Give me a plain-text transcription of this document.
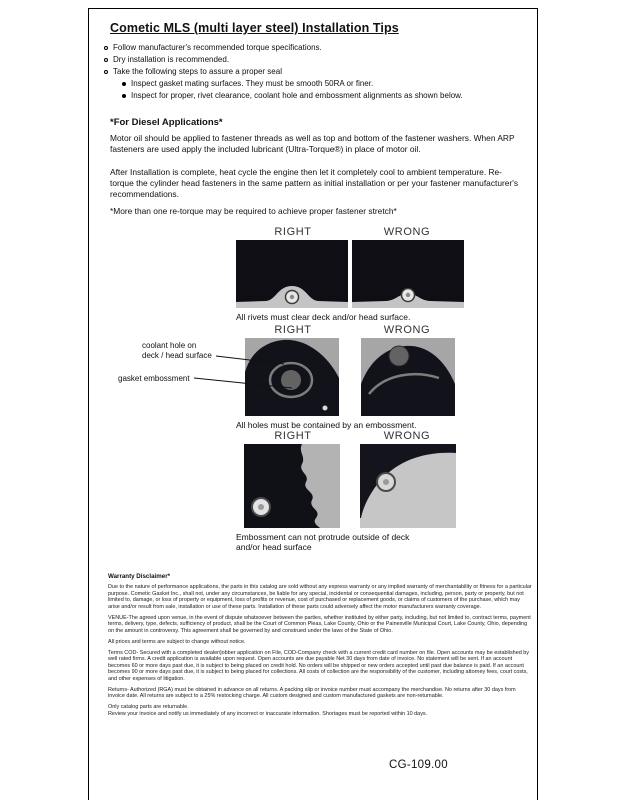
Cometic MLS (multi layer steel) Installation Tips
Follow manufacturer's recommended torque specifications.
Dry installation is recommended.
Take the following steps to assure a proper seal
Inspect gasket mating surfaces. They must be smooth 50RA or finer.
Inspect for proper, rivet clearance, coolant hole and embossment alignments as shown below.
*For Diesel Applications*
Motor oil should be applied to fastener threads as well as top and bottom of the fastener washers. When ARP fasteners are used apply the included lubricant (Ultra-Torque®) in place of motor oil.
After Installation is complete, heat cycle the engine then let it completely cool to ambient temperature. Re-torque the cylinder head fasteners in the same pattern as initial installation or per your fastener manufacturer's recommendations.
*More than one re-torque may be required to achieve proper fastener stretch*
RIGHT	WRONG
All rivets must clear deck and/or head surface.
RIGHT	WRONG
All holes must be contained by an embossment.
coolant hole on
deck / head surface
gasket embossment
RIGHT	WRONG
Embossment can not protrude outside of deck and/or head surface
Warranty Disclaimer*

Due to the nature of performance applications, the parts in this catalog are sold without any express warranty or any implied warranty of merchantability or fitness for a particular purpose. Cometic Gasket Inc., shall not, under any circumstances, be liable for any special, incidental or consequential damages, including, person, party or property, but not limited to, damage, or loss of property or equipment, loss of profits or revenue, cost of purchased or replacement goods, or claims of customers of the purchase, which may arise and/or result from sale, installation or use of these parts. Installation of these parts could adversely affect the motor manufacturers warranty coverage.

VENUE-The agreed upon venue, in the event of dispute whatsoever between the parties, whether instituted by either party, including, but not limited to, contract terms, payment terms, delivery, type, defects, sufficiency of product, shall be the Court of Common Pleas, Lake County, Ohio or the Painesville Municipal Court, Lake County, Ohio, depending on the amount in controversy. This agreement shall be governed by and construed under the laws of the State of Ohio.

All prices and terms are subject to change without notice.

Terms COD- Secured with a completed dealer/jobber application on File, COD-Company check with a current credit card number on file. Open accounts may be established by well rated firms. A credit application is available upon request. Open accounts are due payable Net 30 days from date of invoice. No statement will be sent. If an account becomes 60 or more days past due, it is subject to being placed on credit hold. No orders will be shipped or new orders accepted until past due balance is paid. If an account becomes 90 or more days past due, it is subject to being placed for collections. All costs of collection are the responsibility of the customer, including attorney fees, court costs, and other expenses of litigation.

Returns- Authorized (RGA) must be obtained in advance on all returns. A packing slip or invoice number must accompany the merchandise. No returns after 30 days from invoice date. All returns are subject to a 25% restocking charge. All custom designed and custom manufactured gaskets are non-returnable.

Only catalog parts are returnable.

Review your invoice and notify us immediately of any incorrect or inaccurate information. Shortages must be reported within 10 days.

CG-109.00
